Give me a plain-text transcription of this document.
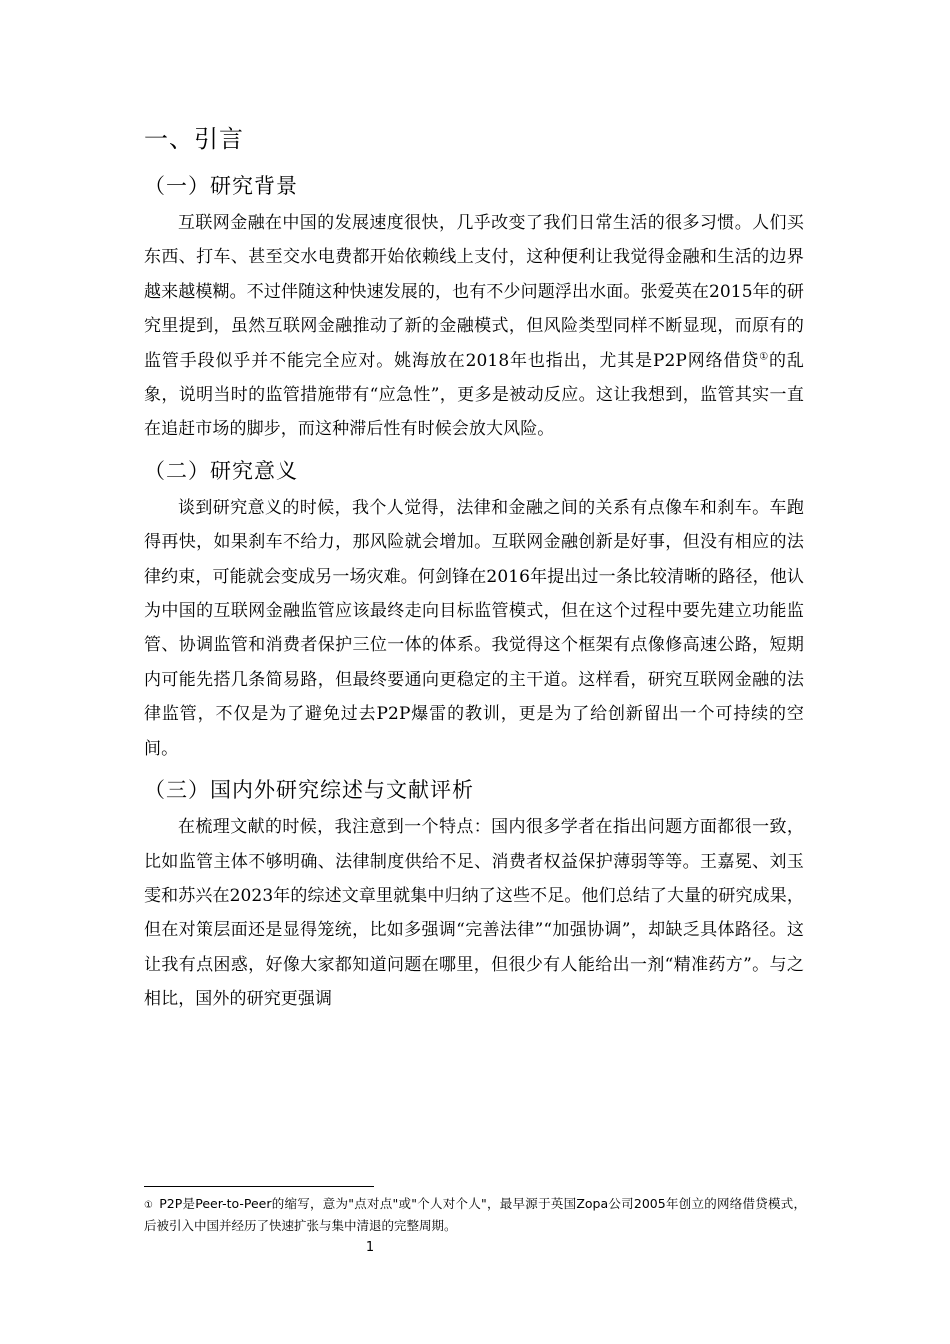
一、引言
（一）研究背景

互联网金融在中国的发展速度很快，几乎改变了我们日常生活的很多习惯。人们买东西、打车、甚至交水电费都开始依赖线上支付，这种便利让我觉得金融和生活的边界越来越模糊。不过伴随这种快速发展的，也有不少问题浮出水面。张爱英在2015年的研究里提到，虽然互联网金融推动了新的金融模式，但风险类型同样不断显现，而原有的监管手段似乎并不能完全应对。姚海放在2018年也指出，尤其是P2P网络借贷①的乱象，说明当时的监管措施带有“应急性”，更多是被动反应。这让我想到，监管其实一直在追赶市场的脚步，而这种滞后性有时候会放大风险。

（二）研究意义

谈到研究意义的时候，我个人觉得，法律和金融之间的关系有点像车和刹车。车跑得再快，如果刹车不给力，那风险就会增加。互联网金融创新是好事，但没有相应的法律约束，可能就会变成另一场灾难。何剑锋在2016年提出过一条比较清晰的路径，他认为中国的互联网金融监管应该最终走向目标监管模式，但在这个过程中要先建立功能监管、协调监管和消费者保护三位一体的体系。我觉得这个框架有点像修高速公路，短期内可能先搭几条简易路，但最终要通向更稳定的主干道。这样看，研究互联网金融的法律监管，不仅是为了避免过去P2P爆雷的教训，更是为了给创新留出一个可持续的空间。

（三）国内外研究综述与文献评析

在梳理文献的时候，我注意到一个特点：国内很多学者在指出问题方面都很一致，比如监管主体不够明确、法律制度供给不足、消费者权益保护薄弱等等。王嘉冕、刘玉雯和苏兴在2023年的综述文章里就集中归纳了这些不足。他们总结了大量的研究成果，但在对策层面还是显得笼统，比如多强调“完善法律”“加强协调”，却缺乏具体路径。这让我有点困惑，好像大家都知道问题在哪里，但很少有人能给出一剂“精准药方”。与之相比，国外的研究更强调

① P2P是Peer-to-Peer的缩写，意为"点对点"或"个人对个人"，最早源于英国Zopa公司2005年创立的网络借贷模式，后被引入中国并经历了快速扩张与集中清退的完整周期。
1
